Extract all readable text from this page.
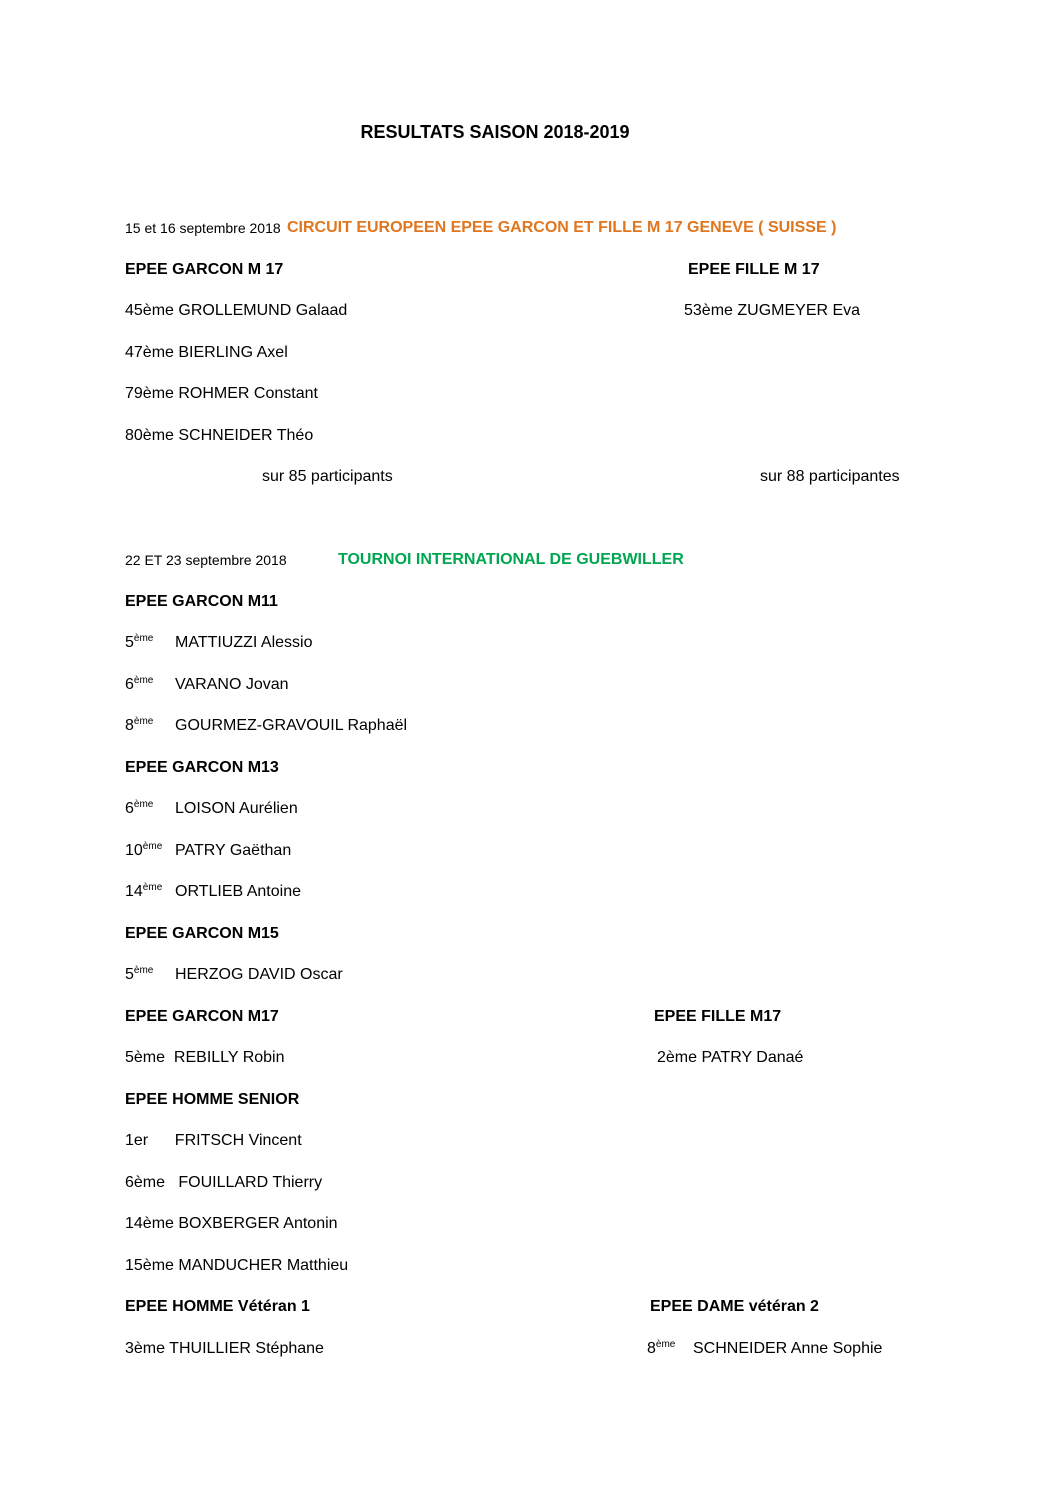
RESULTATS SAISON 2018-2019
15 et 16 septembre 2018 CIRCUIT EUROPEEN EPEE GARCON ET FILLE M 17 GENEVE ( SUISSE )
EPEE GARCON M 17	EPEE FILLE M 17
45ème GROLLEMUND Galaad	53ème ZUGMEYER Eva
47ème BIERLING Axel
79ème ROHMER Constant
80ème SCHNEIDER Théo
sur 85 participants	sur 88 participantes
22 ET 23 septembre 2018	TOURNOI INTERNATIONAL DE GUEBWILLER
EPEE GARCON M11
5ème MATTIUZZI Alessio
6ème VARANO Jovan
8ème GOURMEZ-GRAVOUIL Raphaël
EPEE GARCON M13
6ème LOISON Aurélien
10ème PATRY Gaëthan
14ème ORTLIEB Antoine
EPEE GARCON M15
5ème HERZOG DAVID Oscar
EPEE GARCON M17	EPEE FILLE M17
5ème  REBILLY Robin	2ème PATRY Danaé
EPEE HOMME SENIOR
1er      FRITSCH Vincent
6ème   FOUILLARD Thierry
14ème BOXBERGER Antonin
15ème MANDUCHER Matthieu
EPEE HOMME Vétéran 1	EPEE DAME vétéran 2
3ème THUILLIER Stéphane	8ème SCHNEIDER Anne Sophie
